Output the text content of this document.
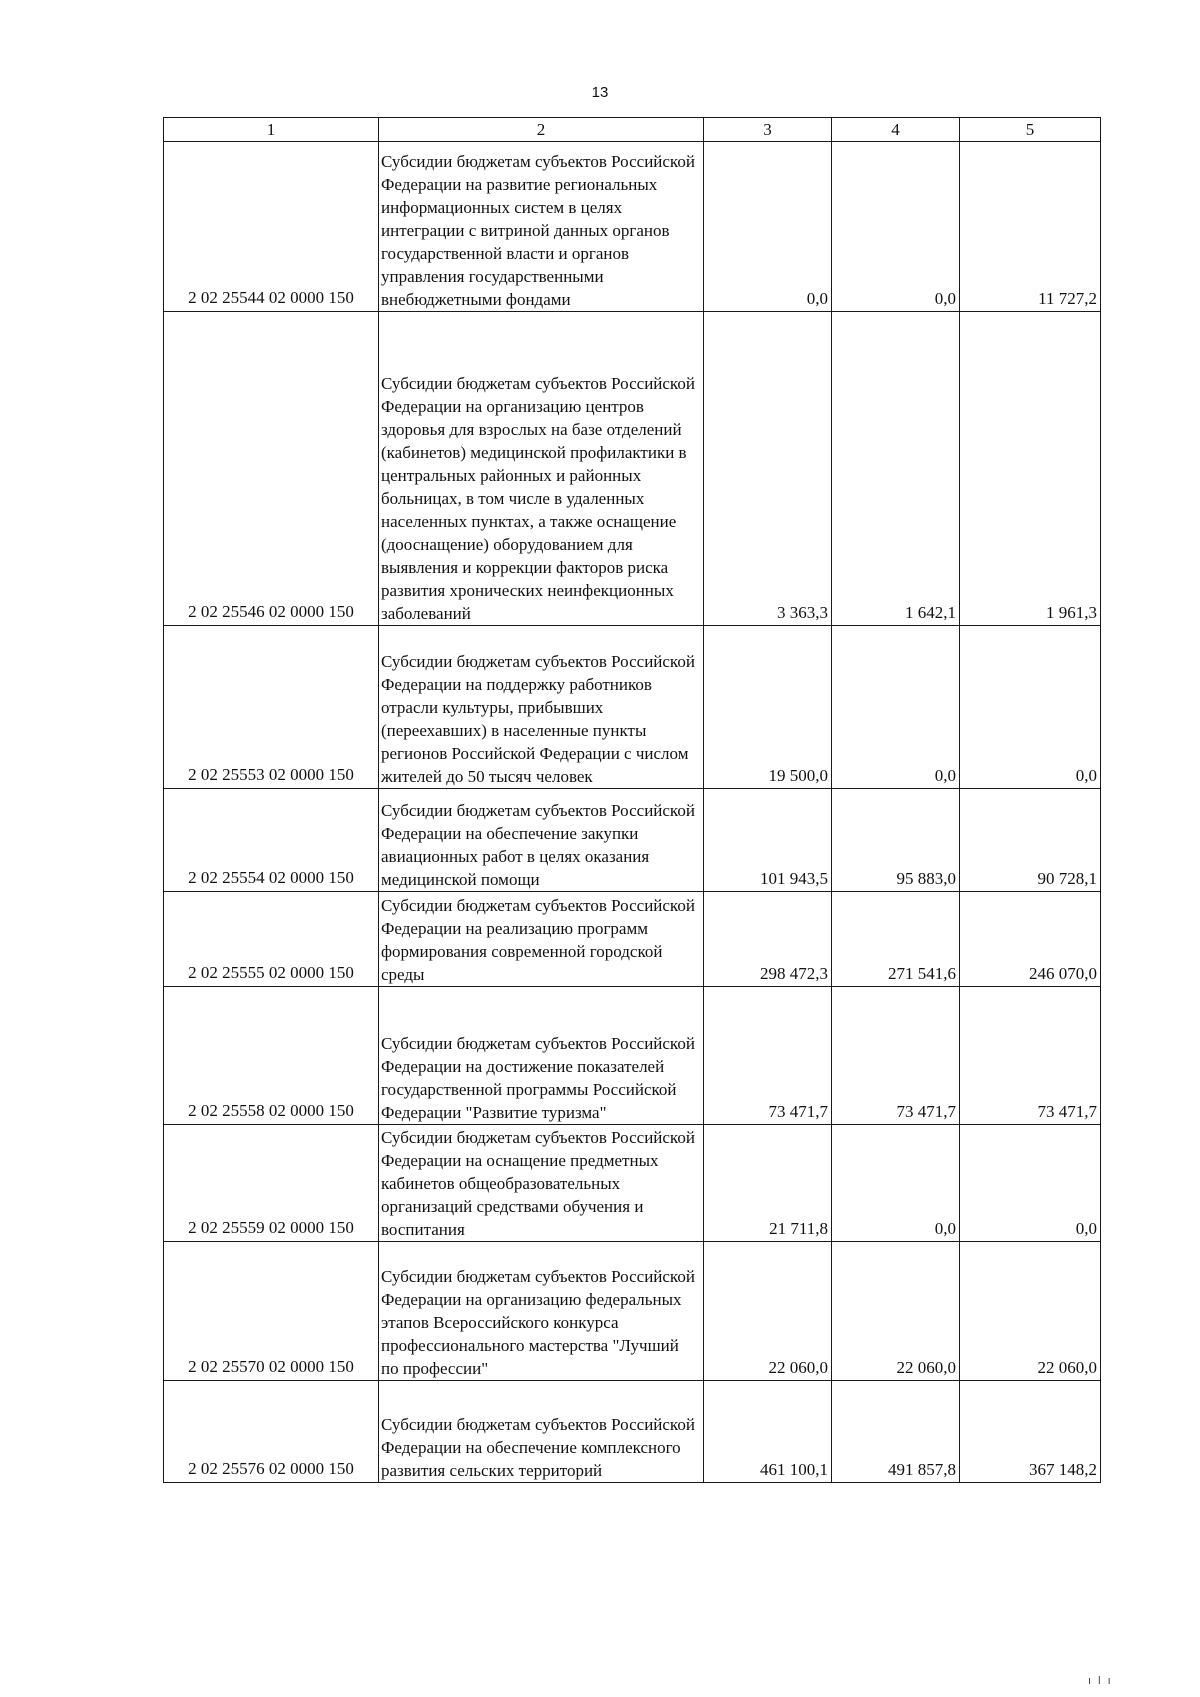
13
1	2	3	4	5
2 02 25544 02 0000 150	Субсидии бюджетам субъектов Российской Федерации на развитие региональных информационных систем в целях интеграции с витриной данных органов государственной власти и органов управления государственными внебюджетными фондами	0,0	0,0	11 727,2
2 02 25546 02 0000 150	Субсидии бюджетам субъектов Российской Федерации на организацию центров здоровья для взрослых на базе отделений (кабинетов) медицинской профилактики в центральных районных и районных больницах, в том числе в удаленных населенных пунктах, а также оснащение (дооснащение) оборудованием для выявления и коррекции факторов риска развития хронических неинфекционных заболеваний	3 363,3	1 642,1	1 961,3
2 02 25553 02 0000 150	Субсидии бюджетам субъектов Российской Федерации на поддержку работников отрасли культуры, прибывших (переехавших) в населенные пункты регионов Российской Федерации с числом жителей до 50 тысяч человек	19 500,0	0,0	0,0
2 02 25554 02 0000 150	Субсидии бюджетам субъектов Российской Федерации на обеспечение закупки авиационных работ в целях оказания медицинской помощи	101 943,5	95 883,0	90 728,1
2 02 25555 02 0000 150	Субсидии бюджетам субъектов Российской Федерации на реализацию программ формирования современной городской среды	298 472,3	271 541,6	246 070,0
2 02 25558 02 0000 150	Субсидии бюджетам субъектов Российской Федерации на достижение показателей государственной программы Российской Федерации "Развитие туризма"	73 471,7	73 471,7	73 471,7
2 02 25559 02 0000 150	Субсидии бюджетам субъектов Российской Федерации на оснащение предметных кабинетов общеобразовательных организаций средствами обучения и воспитания	21 711,8	0,0	0,0
2 02 25570 02 0000 150	Субсидии бюджетам субъектов Российской Федерации на организацию федеральных этапов Всероссийского конкурса профессионального мастерства "Лучший по профессии"	22 060,0	22 060,0	22 060,0
2 02 25576 02 0000 150	Субсидии бюджетам субъектов Российской Федерации на обеспечение комплексного развития сельских территорий	461 100,1	491 857,8	367 148,2
ı l ı
